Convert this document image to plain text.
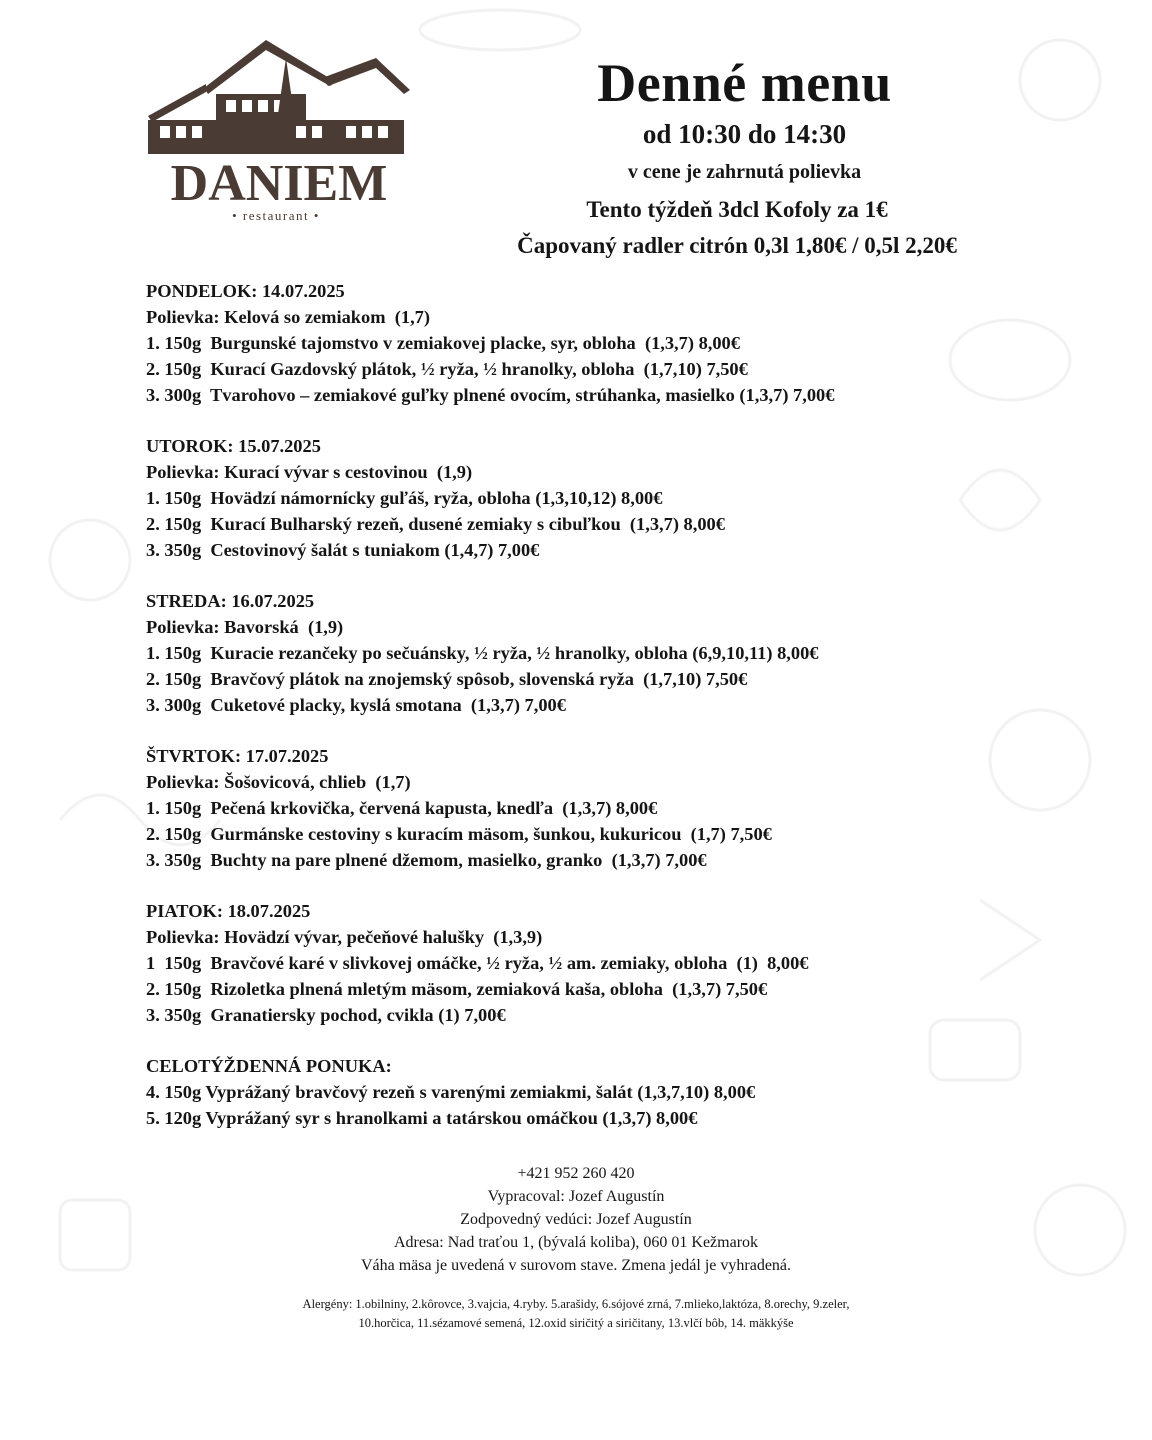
DANIEM
• restaurant •
Denné menu
od 10:30 do 14:30
v cene je zahrnutá polievka
Tento týždeň 3dcl Kofoly za 1€
Čapovaný radler citrón 0,3l 1,80€ / 0,5l 2,20€
PONDELOK: 14.07.2025
Polievka: Kelová so zemiakom  (1,7)
1. 150g  Burgunské tajomstvo v zemiakovej placke, syr, obloha  (1,3,7) 8,00€
2. 150g  Kurací Gazdovský plátok, ½ ryža, ½ hranolky, obloha  (1,7,10) 7,50€
3. 300g  Tvarohovo – zemiakové guľky plnené ovocím, strúhanka, masielko (1,3,7) 7,00€
UTOROK: 15.07.2025
Polievka: Kurací vývar s cestovinou  (1,9)
1. 150g  Hovädzí námornícky guľáš, ryža, obloha (1,3,10,12) 8,00€
2. 150g  Kurací Bulharský rezeň, dusené zemiaky s cibuľkou  (1,3,7) 8,00€
3. 350g  Cestovinový šalát s tuniakom (1,4,7) 7,00€
STREDA: 16.07.2025
Polievka: Bavorská  (1,9)
1. 150g  Kuracie rezančeky po sečuánsky, ½ ryža, ½ hranolky, obloha (6,9,10,11) 8,00€
2. 150g  Bravčový plátok na znojemský spôsob, slovenská ryža  (1,7,10) 7,50€
3. 300g  Cuketové placky, kyslá smotana  (1,3,7) 7,00€
ŠTVRTOK: 17.07.2025
Polievka: Šošovicová, chlieb  (1,7)
1. 150g  Pečená krkovička, červená kapusta, knedľa  (1,3,7) 8,00€
2. 150g  Gurmánske cestoviny s kuracím mäsom, šunkou, kukuricou  (1,7) 7,50€
3. 350g  Buchty na pare plnené džemom, masielko, granko  (1,3,7) 7,00€
PIATOK: 18.07.2025
Polievka: Hovädzí vývar, pečeňové halušky  (1,3,9)
1  150g  Bravčové karé v slivkovej omáčke, ½ ryža, ½ am. zemiaky, obloha  (1)  8,00€
2. 150g  Rizoletka plnená mletým mäsom, zemiaková kaša, obloha  (1,3,7) 7,50€
3. 350g  Granatiersky pochod, cvikla (1) 7,00€
CELOTÝŽDENNÁ PONUKA:
4. 150g Vyprážaný bravčový rezeň s varenými zemiakmi, šalát (1,3,7,10) 8,00€
5. 120g Vyprážaný syr s hranolkami a tatárskou omáčkou (1,3,7) 8,00€
+421 952 260 420
Vypracoval: Jozef Augustín
Zodpovedný vedúci: Jozef Augustín
Adresa: Nad traťou 1, (bývalá koliba), 060 01 Kežmarok
Váha mäsa je uvedená v surovom stave. Zmena jedál je vyhradená.
Alergény: 1.obilniny, 2.kôrovce, 3.vajcia, 4.ryby. 5.arašidy, 6.sójové zrná, 7.mlieko,laktóza, 8.orechy, 9.zeler,
10.horčica, 11.sézamové semená, 12.oxid siričitý a siričitany, 13.vlčí bôb, 14. mäkkýše
